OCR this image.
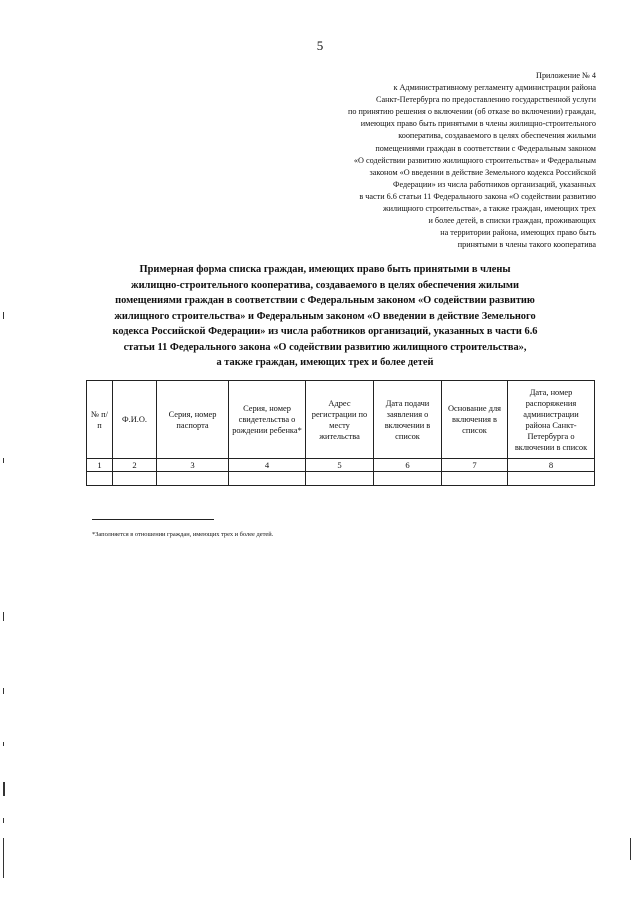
5
Приложение № 4
к Административному регламенту администрации района
Санкт-Петербурга по предоставлению государственной услуги
по принятию решения о включении (об отказе во включении) граждан,
имеющих право быть принятыми в члены жилищно-строительного
кооператива, создаваемого в целях обеспечения жилыми
помещениями граждан в соответствии с Федеральным законом
«О содействии развитию жилищного строительства» и Федеральным
законом «О введении в действие Земельного кодекса Российской
Федерации» из числа работников организаций, указанных
в части 6.6 статьи 11 Федерального закона «О содействии развитию
жилищного строительства», а также граждан, имеющих трех
и более детей, в списки граждан, проживающих
на территории района, имеющих право быть
принятыми в члены такого кооператива
Примерная форма списка граждан, имеющих право быть принятыми в члены
жилищно-строительного кооператива, создаваемого в целях обеспечения жилыми
помещениями граждан в соответствии с Федеральным законом «О содействии развитию
жилищного строительства» и Федеральным законом «О введении в действие Земельного
кодекса Российской Федерации» из числа работников организаций, указанных в части 6.6
статьи 11 Федерального закона «О содействии развитию жилищного строительства»,
а также граждан, имеющих трех и более детей
№ п/п	Ф.И.О.	Серия, номер паспорта	Серия, номер свидетельства о рождении ребенка*	Адрес регистрации по месту жительства	Дата подачи заявления о включении в список	Основание для включения в список	Дата, номер распоряжения администрации района Санкт-Петербурга о включении в список
1	2	3	4	5	6	7	8

*Заполняется в отношении граждан, имеющих трех и более детей.
